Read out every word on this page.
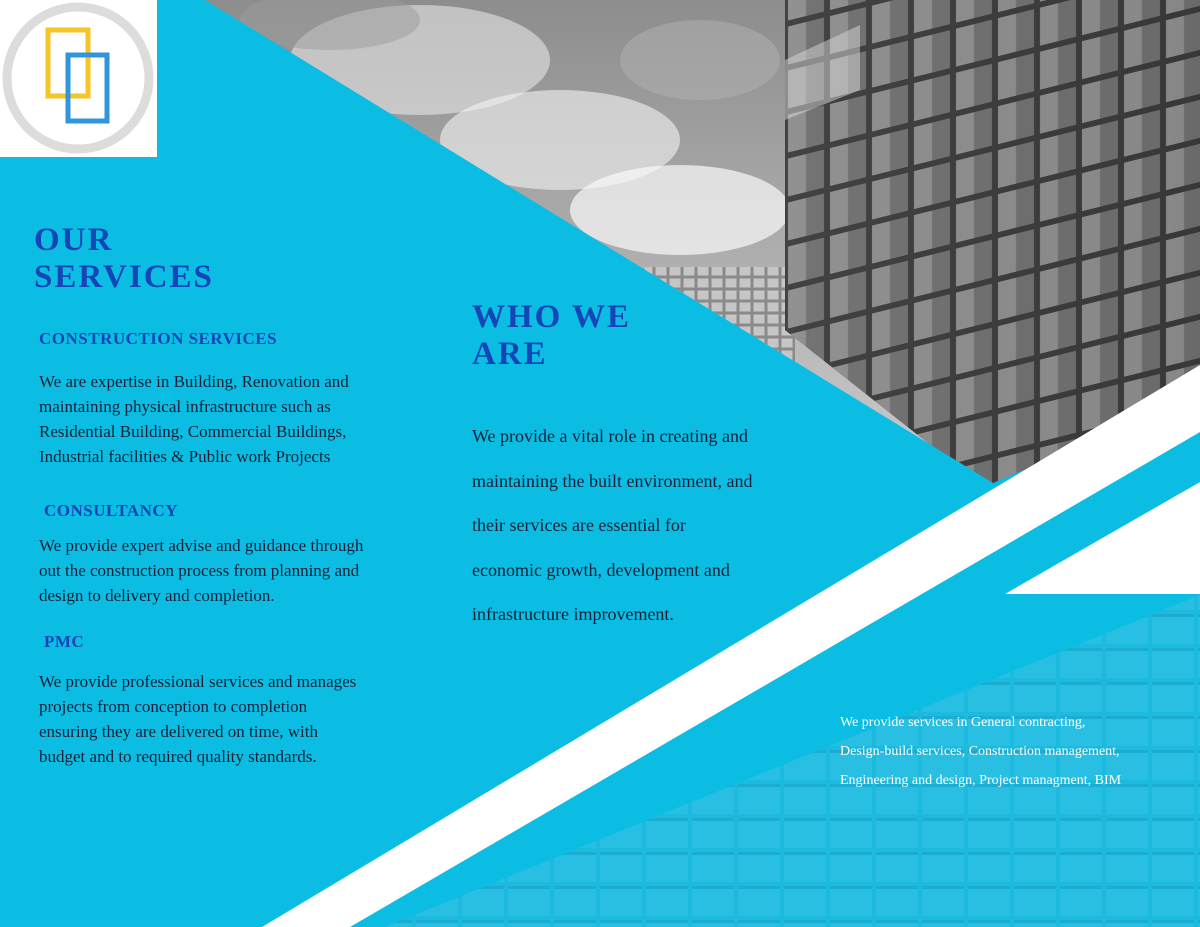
OUR
SERVICES
CONSTRUCTION SERVICES

We are expertise in Building, Renovation and
maintaining physical infrastructure such as
Residential Building, Commercial Buildings,
Industrial facilities & Public work Projects

CONSULTANCY

We provide expert advise and guidance through
out the construction process from planning and
design to delivery and completion.

PMC

We provide professional services and manages
projects from conception to completion
ensuring they are delivered on time, with
budget and to required quality standards.

WHO WE
ARE

We provide a vital role in creating and
maintaining the built environment, and
their services are essential for
economic growth, development and
infrastructure improvement.

We provide services in General contracting,
Design-build services, Construction management,
Engineering and design, Project managment, BIM
